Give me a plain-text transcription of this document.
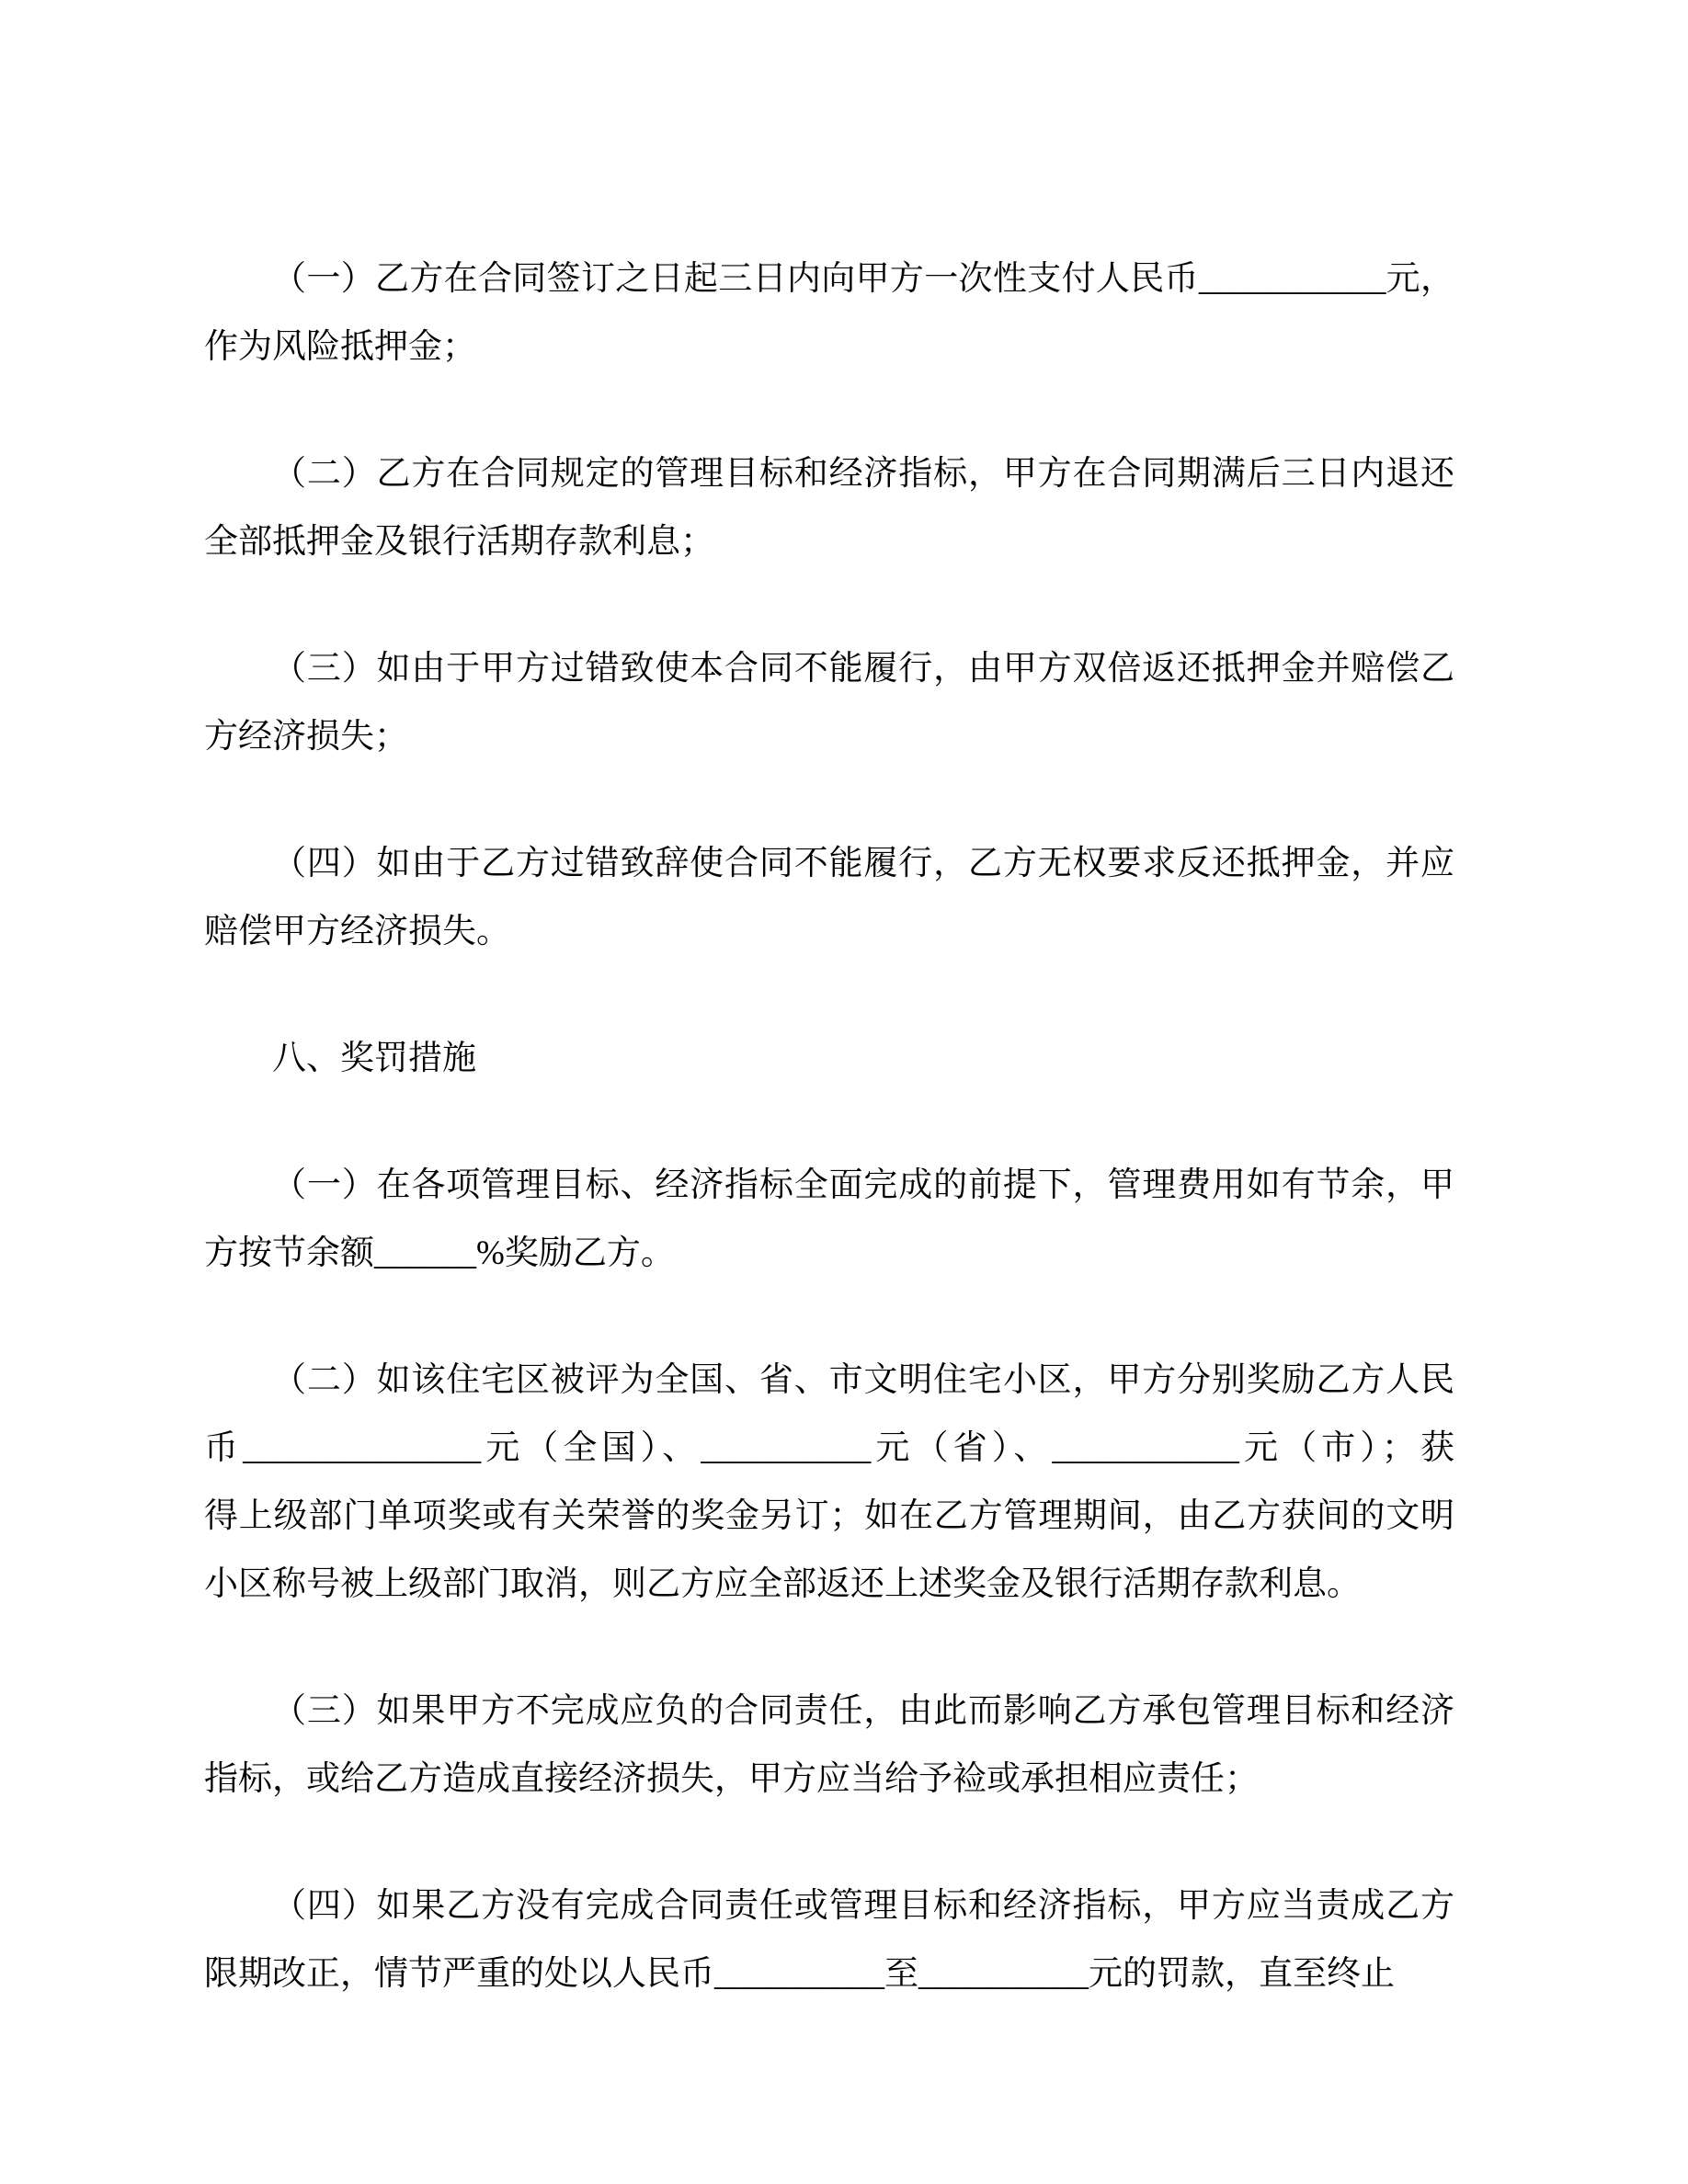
（一）乙方在合同签订之日起三日内向甲方一次性支付人民币___________元，
作为风险抵押金；
（二）乙方在合同规定的管理目标和经济指标，甲方在合同期满后三日内退还
全部抵押金及银行活期存款利息；
（三）如由于甲方过错致使本合同不能履行，由甲方双倍返还抵押金并赔偿乙
方经济损失；
（四）如由于乙方过错致辞使合同不能履行，乙方无权要求反还抵押金，并应
赔偿甲方经济损失。
八、奖罚措施
（一）在各项管理目标、经济指标全面完成的前提下，管理费用如有节余，甲
方按节余额______%奖励乙方。
（二）如该住宅区被评为全国、省、市文明住宅小区，甲方分别奖励乙方人民
币______________元（全国）、__________元（省）、___________元（市）；获
得上级部门单项奖或有关荣誉的奖金另订；如在乙方管理期间，由乙方获间的文明
小区称号被上级部门取消，则乙方应全部返还上述奖金及银行活期存款利息。
（三）如果甲方不完成应负的合同责任，由此而影响乙方承包管理目标和经济
指标，或给乙方造成直接经济损失，甲方应当给予裣或承担相应责任；
（四）如果乙方没有完成合同责任或管理目标和经济指标，甲方应当责成乙方
限期改正，情节严重的处以人民币__________至__________元的罚款，直至终止
